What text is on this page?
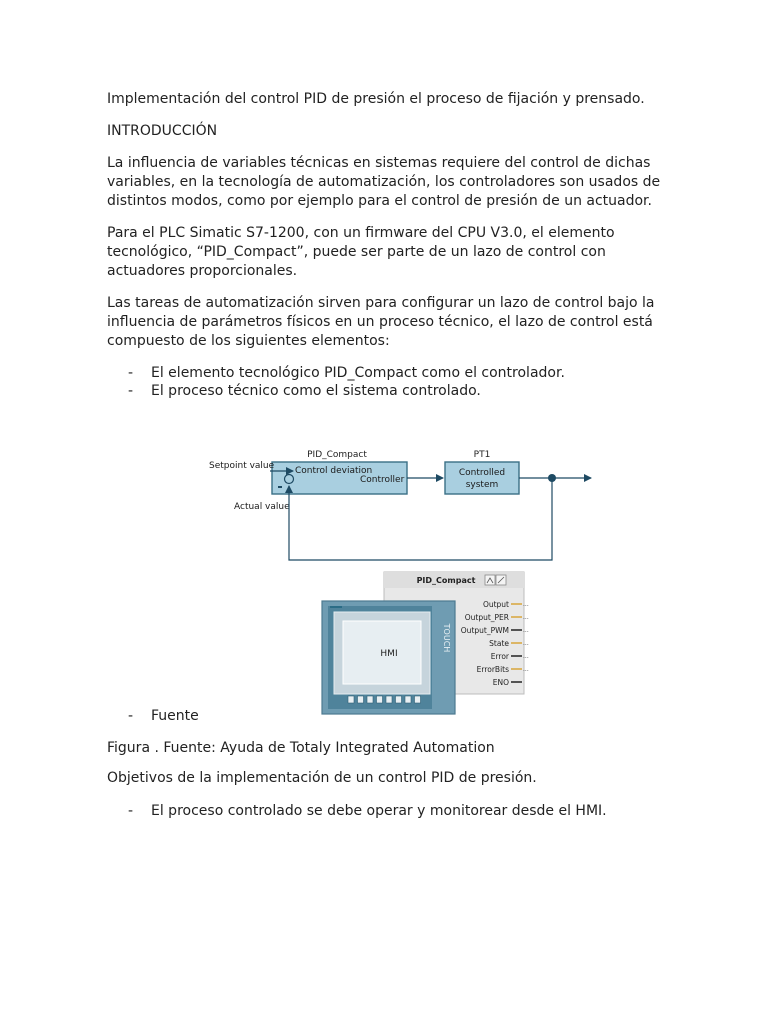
Implementación del control PID de presión el proceso de fijación y prensado.

INTRODUCCIÓN

La influencia de variables técnicas en sistemas requiere del control de dichas

variables, en la tecnología de automatización, los controladores son usados de

distintos modos, como por ejemplo para el control de presión de un actuador.

Para el PLC Simatic S7-1200, con un firmware del CPU V3.0, el elemento

tecnológico, “PID_Compact”, puede ser parte de un lazo de control con

actuadores proporcionales.

Las tareas de automatización sirven para configurar un lazo de control bajo la

influencia de parámetros físicos en un proceso técnico, el lazo de control está

compuesto de los siguientes elementos:

- El elemento tecnológico PID_Compact como el controlador.

- El proceso técnico como el sistema controlado.

PID_Compact	PT1
Control deviation
Controller
Controlled
system
Setpoint value
Actual value
PID_Compact
Output ...
Output_PER ...
Output_PWM ...
State ...
Error ...
ErrorBits ...
ENO
HMI
TOUCH

- Fuente

Figura . Fuente: Ayuda de Totaly Integrated Automation

Objetivos de la implementación de un control PID de presión.

- El proceso controlado se debe operar y monitorear desde el HMI.
